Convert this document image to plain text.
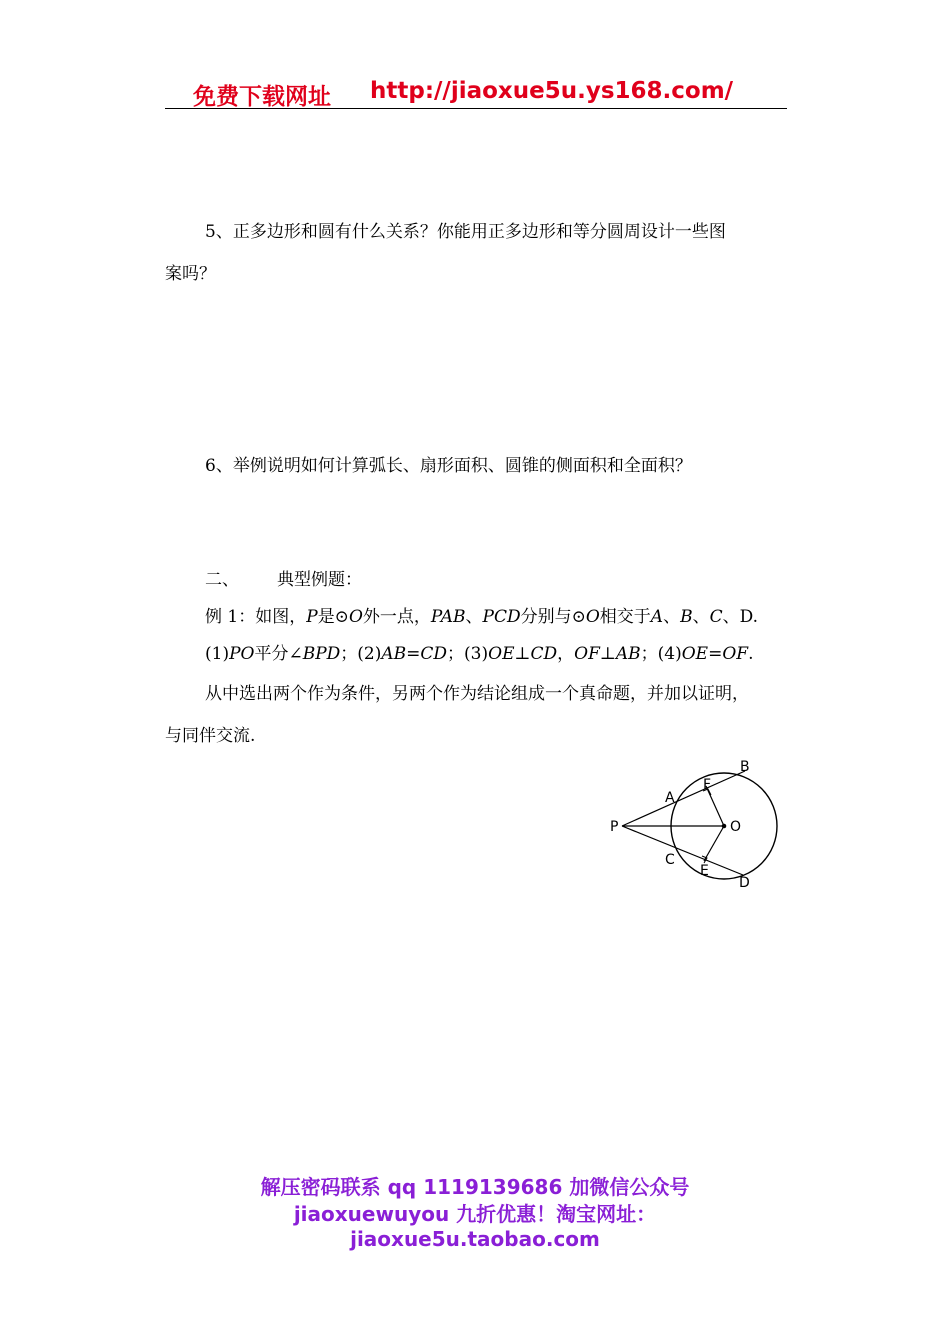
免费下载网址 http://jiaoxue5u.ys168.com/
5、正多边形和圆有什么关系？你能用正多边形和等分圆周设计一些图
案吗？
6、举例说明如何计算弧长、扇形面积、圆锥的侧面积和全面积？
二、 典型例题：
例 1：如图，P是⊙O外一点，PAB、PCD分别与⊙O相交于A、B、C、D.
(1)PO平分∠BPD；(2)AB=CD；(3)OE⊥CD，OF⊥AB；(4)OE=OF.
从中选出两个作为条件，另两个作为结论组成一个真命题，并加以证明，
与同伴交流.
P
A
B
C
D
E
F
O
解压密码联系 qq 1119139686 加微信公众号
jiaoxuewuyou 九折优惠！淘宝网址：
jiaoxue5u.taobao.com
